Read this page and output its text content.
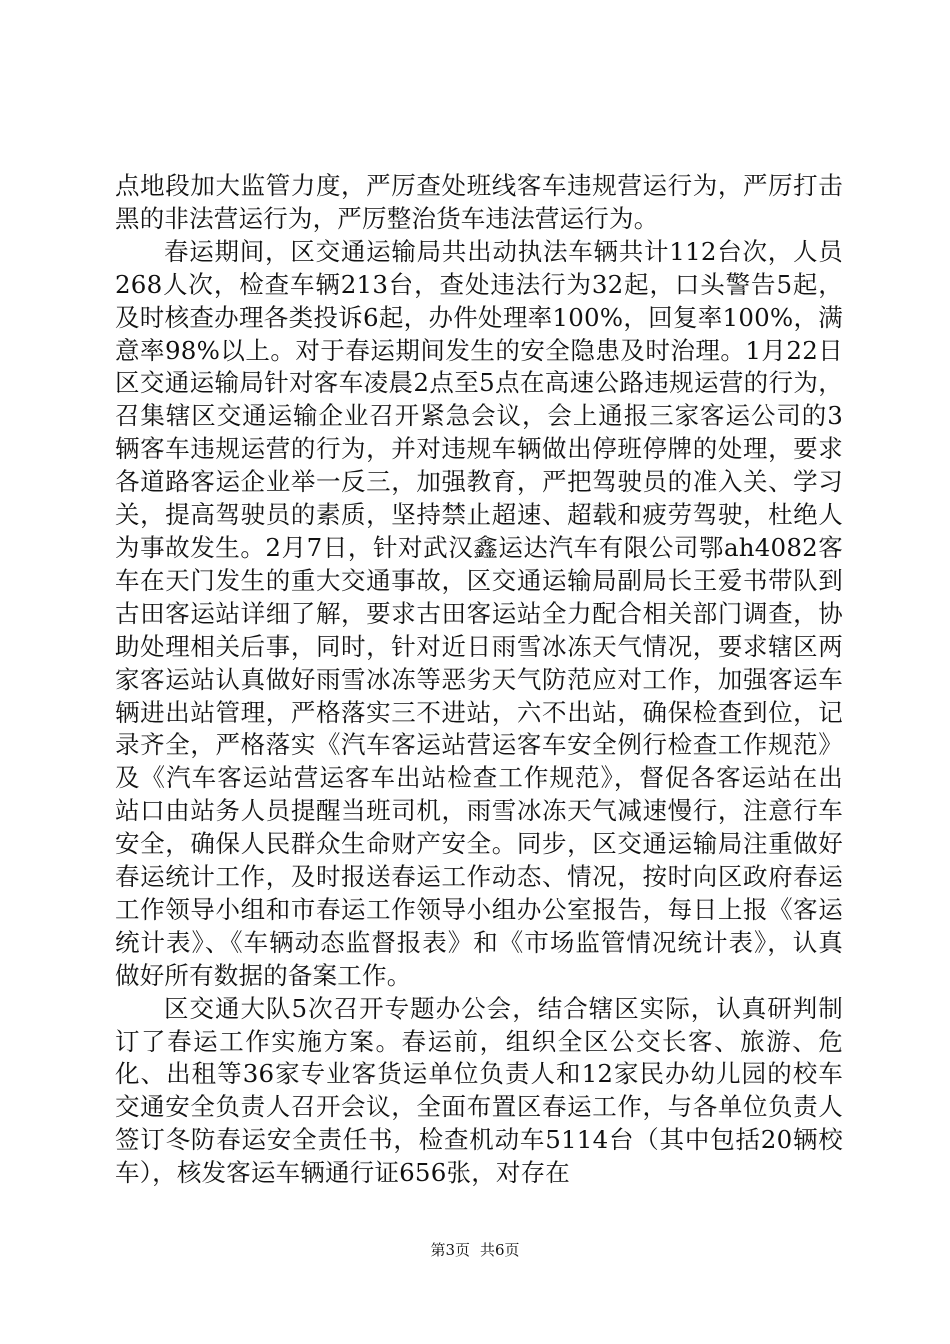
点地段加大监管力度，严厉查处班线客车违规营运行为，严厉打击黑的非法营运行为，严厉整治货车违法营运行为。

春运期间，区交通运输局共出动执法车辆共计112台次，人员268人次，检查车辆213台，查处违法行为32起，口头警告5起，及时核查办理各类投诉6起，办件处理率100%，回复率100%，满意率98%以上。对于春运期间发生的安全隐患及时治理。1月22日区交通运输局针对客车凌晨2点至5点在高速公路违规运营的行为，召集辖区交通运输企业召开紧急会议，会上通报三家客运公司的3辆客车违规运营的行为，并对违规车辆做出停班停牌的处理，要求各道路客运企业举一反三，加强教育，严把驾驶员的准入关、学习关，提高驾驶员的素质，坚持禁止超速、超载和疲劳驾驶，杜绝人为事故发生。2月7日，针对武汉鑫运达汽车有限公司鄂ah4082客车在天门发生的重大交通事故，区交通运输局副局长王爱书带队到古田客运站详细了解，要求古田客运站全力配合相关部门调查，协助处理相关后事，同时，针对近日雨雪冰冻天气情况，要求辖区两家客运站认真做好雨雪冰冻等恶劣天气防范应对工作，加强客运车辆进出站管理，严格落实三不进站，六不出站，确保检查到位，记录齐全，严格落实《汽车客运站营运客车安全例行检查工作规范》及《汽车客运站营运客车出站检查工作规范》，督促各客运站在出站口由站务人员提醒当班司机，雨雪冰冻天气减速慢行，注意行车安全，确保人民群众生命财产安全。同步，区交通运输局注重做好春运统计工作，及时报送春运工作动态、情况，按时向区政府春运工作领导小组和市春运工作领导小组办公室报告，每日上报《客运统计表》、《车辆动态监督报表》和《市场监管情况统计表》，认真做好所有数据的备案工作。

区交通大队5次召开专题办公会，结合辖区实际，认真研判制订了春运工作实施方案。春运前，组织全区公交长客、旅游、危化、出租等36家专业客货运单位负责人和12家民办幼儿园的校车交通安全负责人召开会议，全面布置区春运工作，与各单位负责人签订冬防春运安全责任书，检查机动车5114台（其中包括20辆校车），核发客运车辆通行证656张，对存在

第3页 共6页
